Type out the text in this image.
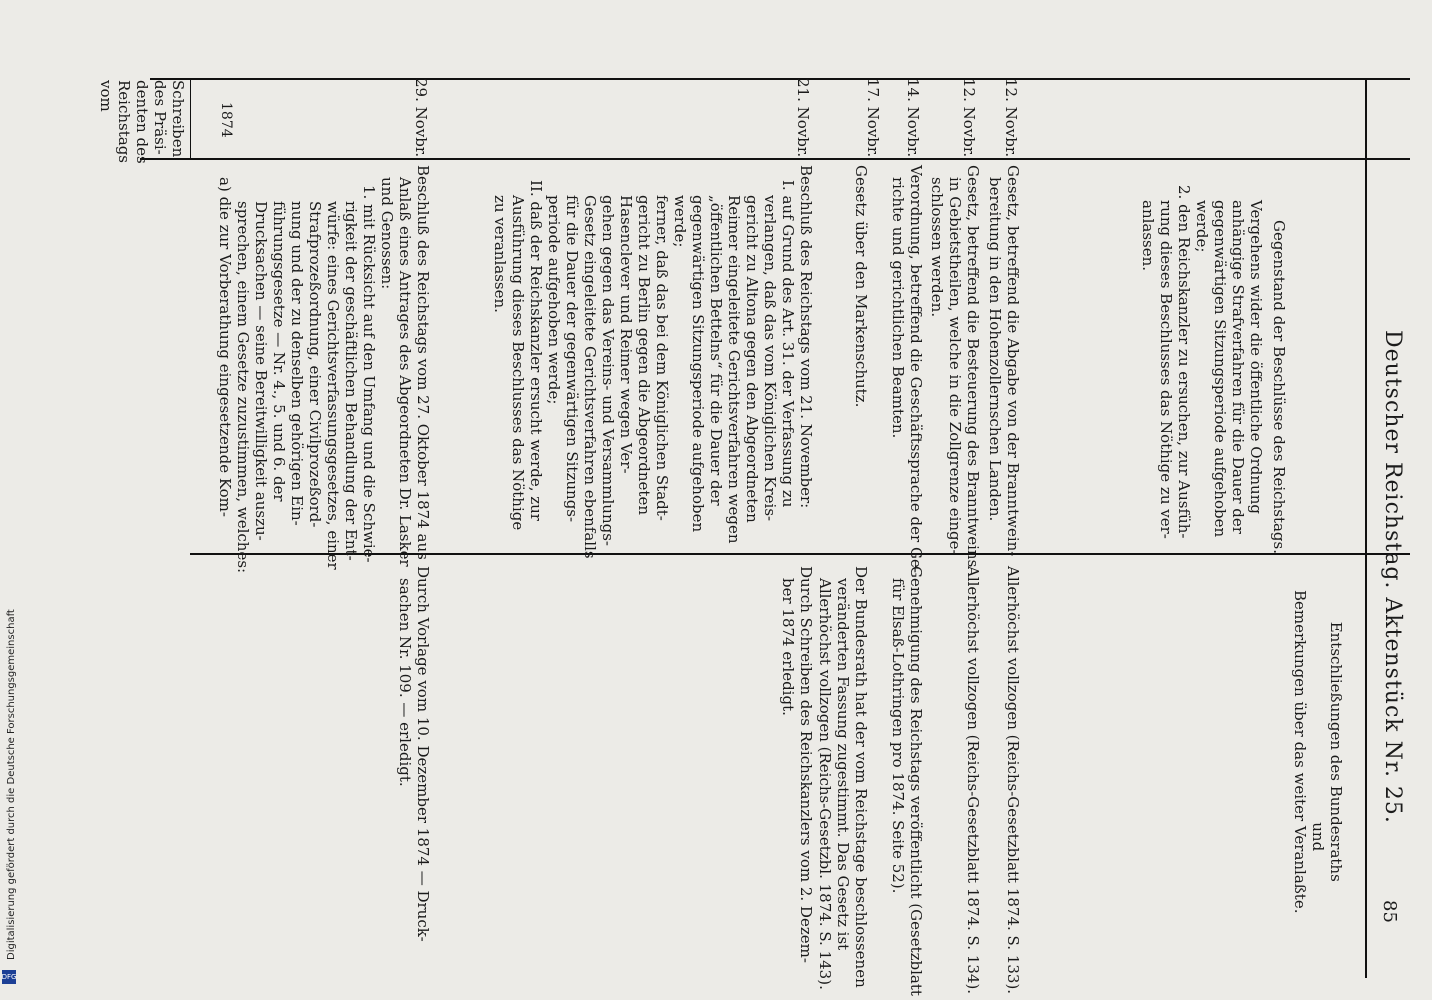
Deutscher Reichstag. Aktenstück Nr. 25.
85
Schreiben
des Präsi-
denten des
Reichstags
vom
Gegenstand der Beschlüsse des Reichstags.
Entschließungen des Bundesraths
und
Bemerkungen über das weiter Veranlaßte.
1874	12. Novbr.
12. Novbr.
14. Novbr.
17. Novbr.
21. Novbr.
29. Novbr.
Vergehens wider die öffentliche Ordnung
anhängige Strafverfahren für die Dauer der
gegenwärtigen Sitzungsperiode aufgehoben
werde;
2. den Reichskanzler zu ersuchen, zur Ausfüh-
rung dieses Beschlusses das Nöthige zu ver-
anlassen.
Gesetz, betreffend die Abgabe von der Branntwein-
bereitung in den Hohenzollernschen Landen.
Gesetz, betreffend die Besteuerung des Branntweins
in Gebietstheilen, welche in die Zollgrenze einge-
schlossen werden.
Verordnung, betreffend die Geschäftssprache der Ge-
richte und gerichtlichen Beamten.
Gesetz über den Markenschutz.
Beschluß des Reichstags vom 21. November:
I. auf Grund des Art. 31. der Verfassung zu
verlangen, daß das vom Königlichen Kreis-
gericht zu Altona gegen den Abgeordneten
Reimer eingeleitete Gerichtsverfahren wegen
„öffentlichen Bettelns“ für die Dauer der
gegenwärtigen Sitzungsperiode aufgehoben
werde;
ferner, daß das bei dem Königlichen Stadt-
gericht zu Berlin gegen die Abgeordneten
Hasenclever und Reimer wegen Ver-
gehen gegen das Vereins- und Versammlungs-
Gesetz eingeleitete Gerichtsverfahren ebenfalls
für die Dauer der gegenwärtigen Sitzungs-
periode aufgehoben werde;
II. daß der Reichskanzler ersucht werde, zur
Ausführung dieses Beschlusses das Nöthige
zu veranlassen.
Beschluß des Reichstags vom 27. Oktober 1874 aus
Anlaß eines Antrages des Abgeordneten Dr. Lasker
und Genossen:
1. mit Rücksicht auf den Umfang und die Schwie-
rigkeit der geschäftlichen Behandlung der Ent-
würfe: eines Gerichtsverfassungsgesetzes, einer
Strafprozeßordnung, einer Civilprozeßord-
nung und der zu denselben gehörigen Ein-
führungsgesetze — Nr. 4., 5. und 6. der
Drucksachen — seine Bereitwilligkeit auszu-
sprechen, einem Gesetze zuzustimmen, welches:
a) die zur Vorberathung eingesetzende Kom-
Allerhöchst vollzogen (Reichs-Gesetzblatt 1874. S. 133).
Allerhöchst vollzogen (Reichs-Gesetzblatt 1874. S. 134).
Genehmigung des Reichstags veröffentlicht (Gesetzblatt
für Elsaß-Lothringen pro 1874. Seite 52).
Der Bundesrath hat der vom Reichstage beschlossenen
veränderten Fassung zugestimmt. Das Gesetz ist
Allerhöchst vollzogen (Reichs-Gesetzbl. 1874. S. 143).
Durch Schreiben des Reichskanzlers vom 2. Dezem-
ber 1874 erledigt.
Durch Vorlage vom 10. Dezember 1874 — Druck-
sachen Nr. 109. — erledigt.
Digitalisierung gefördert durch die Deutsche Forschungsgemeinschaft
DFG
